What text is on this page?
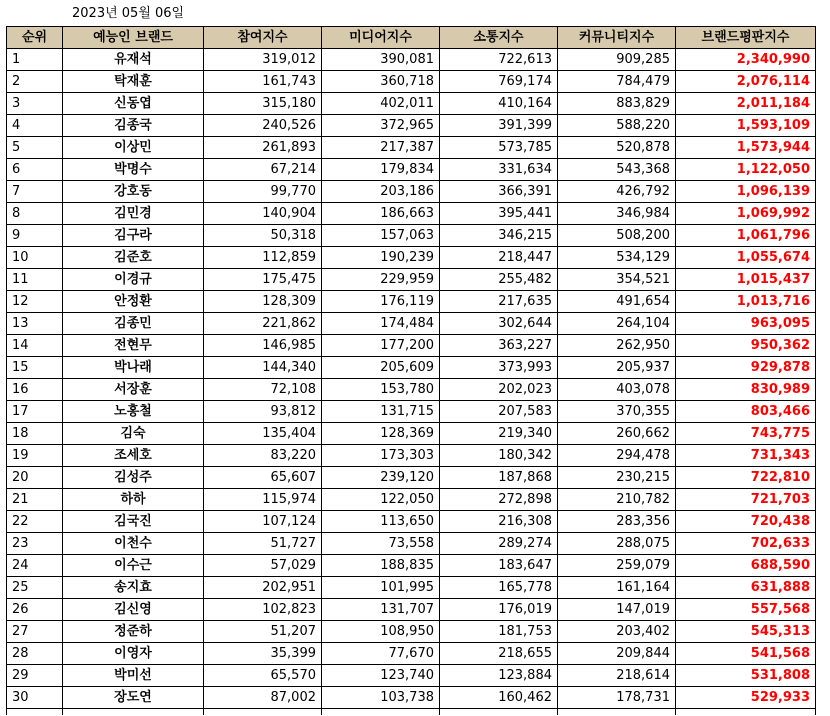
2023년 05월 06일
순위	예능인 브랜드	참여지수	미디어지수	소통지수	커뮤니티지수	브랜드평판지수
1	유재석	319,012	390,081	722,613	909,285	2,340,990
2	탁재훈	161,743	360,718	769,174	784,479	2,076,114
3	신동엽	315,180	402,011	410,164	883,829	2,011,184
4	김종국	240,526	372,965	391,399	588,220	1,593,109
5	이상민	261,893	217,387	573,785	520,878	1,573,944
6	박명수	67,214	179,834	331,634	543,368	1,122,050
7	강호동	99,770	203,186	366,391	426,792	1,096,139
8	김민경	140,904	186,663	395,441	346,984	1,069,992
9	김구라	50,318	157,063	346,215	508,200	1,061,796
10	김준호	112,859	190,239	218,447	534,129	1,055,674
11	이경규	175,475	229,959	255,482	354,521	1,015,437
12	안정환	128,309	176,119	217,635	491,654	1,013,716
13	김종민	221,862	174,484	302,644	264,104	963,095
14	전현무	146,985	177,200	363,227	262,950	950,362
15	박나래	144,340	205,609	373,993	205,937	929,878
16	서장훈	72,108	153,780	202,023	403,078	830,989
17	노홍철	93,812	131,715	207,583	370,355	803,466
18	김숙	135,404	128,369	219,340	260,662	743,775
19	조세호	83,220	173,303	180,342	294,478	731,343
20	김성주	65,607	239,120	187,868	230,215	722,810
21	하하	115,974	122,050	272,898	210,782	721,703
22	김국진	107,124	113,650	216,308	283,356	720,438
23	이천수	51,727	73,558	289,274	288,075	702,633
24	이수근	57,029	188,835	183,647	259,079	688,590
25	송지효	202,951	101,995	165,778	161,164	631,888
26	김신영	102,823	131,707	176,019	147,019	557,568
27	정준하	51,207	108,950	181,753	203,402	545,313
28	이영자	35,399	77,670	218,655	209,844	541,568
29	박미선	65,570	123,740	123,884	218,614	531,808
30	장도연	87,002	103,738	160,462	178,731	529,933
